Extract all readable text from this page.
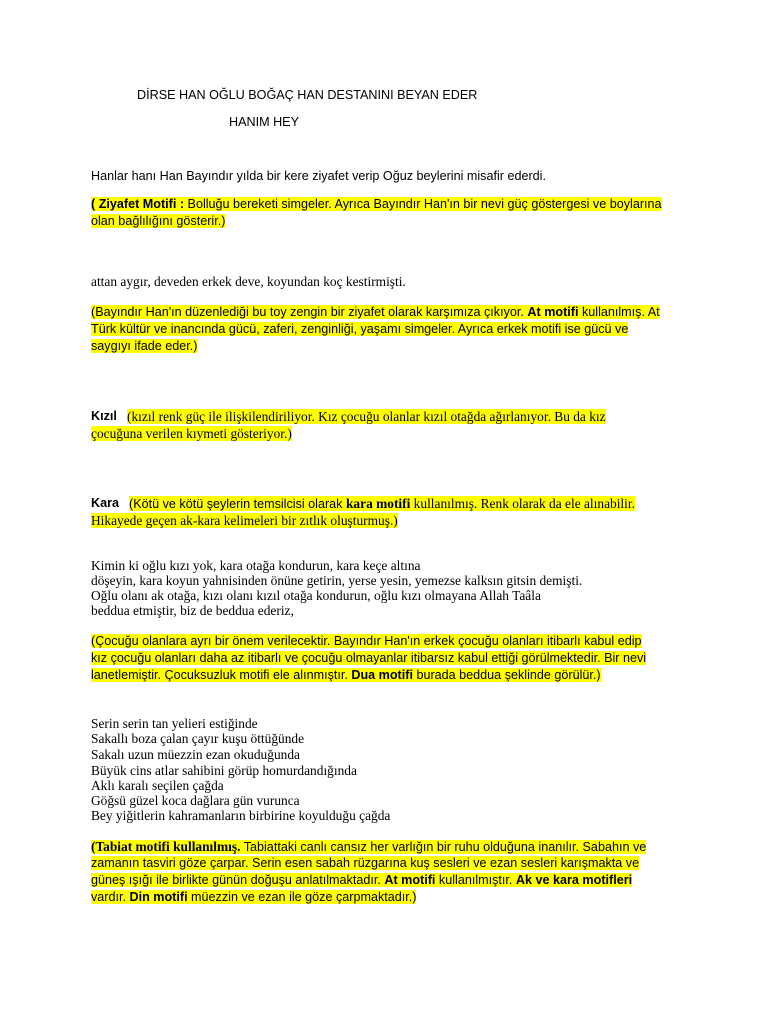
DİRSE HAN OĞLU BOĞAÇ HAN DESTANINI BEYAN EDER
HANIM HEY
Hanlar hanı Han Bayındır yılda bir kere ziyafet verip Oğuz beylerini misafir ederdi.
( Ziyafet Motifi : Bolluğu bereketi simgeler. Ayrıca Bayındır Han'ın bir nevi güç göstergesi ve boylarına
olan bağlılığını gösterir.)
attan aygır, deveden erkek deve, koyundan koç kestirmişti.
(Bayındır Han'ın düzenlediği bu toy zengin bir ziyafet olarak karşımıza çıkıyor. At motifi kullanılmış. At
Türk kültür ve inancında gücü, zaferi, zenginliği, yaşamı simgeler. Ayrıca erkek motifi ise gücü ve
saygıyı ifade eder.)
Kızıl (kızıl renk güç ile ilişkilendiriliyor. Kız çocuğu olanlar kızıl otağda ağırlanıyor. Bu da kız
çocuğuna verilen kıymeti gösteriyor.)
Kara (Kötü ve kötü şeylerin temsilcisi olarak kara motifi kullanılmış. Renk olarak da ele alınabilir.
Hikayede geçen ak-kara kelimeleri bir zıtlık oluşturmuş.)
Kimin ki oğlu kızı yok, kara otağa kondurun, kara keçe altına
döşeyin, kara koyun yahnisinden önüne getirin, yerse yesin, yemezse kalksın gitsin demişti.
Oğlu olanı ak otağa, kızı olanı kızıl otağa kondurun, oğlu kızı olmayana Allah Taâla
beddua etmiştir, biz de beddua ederiz,
(Çocuğu olanlara ayrı bir önem verilecektir. Bayındır Han'ın erkek çocuğu olanları itibarlı kabul edip
kız çocuğu olanları daha az itibarlı ve çocuğu olmayanlar itibarsız kabul ettiği görülmektedir. Bir nevi
lanetlemiştir. Çocuksuzluk motifi ele alınmıştır. Dua motifi burada beddua şeklinde görülür.)
Serin serin tan yelieri estiğinde
Sakallı boza çalan çayır kuşu öttüğünde
Sakalı uzun müezzin ezan okuduğunda
Büyük cins atlar sahibini görüp homurdandığında
Aklı karalı seçilen çağda
Göğsü güzel koca dağlara gün vurunca
Bey yiğitlerin kahramanların birbirine koyulduğu çağda
(Tabiat motifi kullanılmış. Tabiattaki canlı cansız her varlığın bir ruhu olduğuna inanılır. Sabahın ve
zamanın tasviri göze çarpar. Serin esen sabah rüzgarına kuş sesleri ve ezan sesleri karışmakta ve
güneş ışığı ile birlikte günün doğuşu anlatılmaktadır. At motifi kullanılmıştır. Ak ve kara motifleri
vardır. Din motifi müezzin ve ezan ile göze çarpmaktadır.)
